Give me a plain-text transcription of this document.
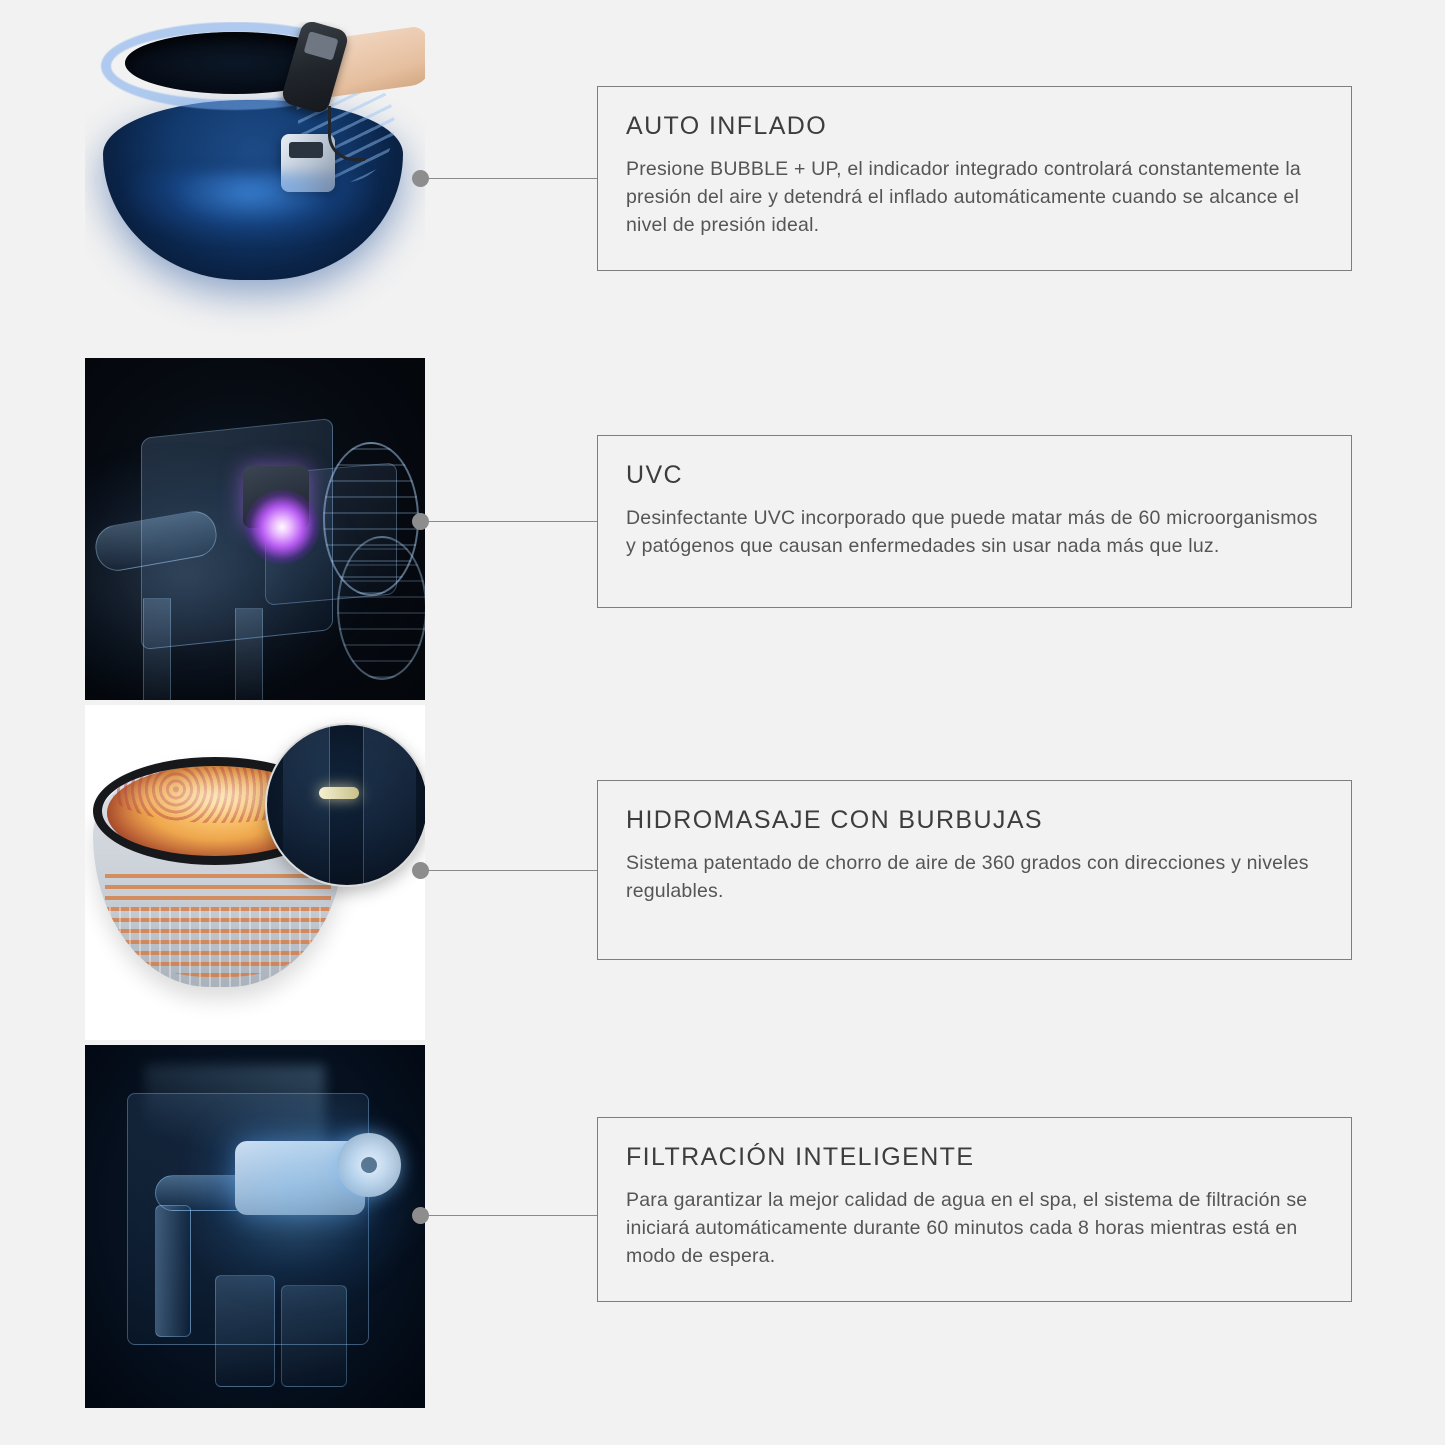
AUTO INFLADO

Presione BUBBLE + UP, el indicador integrado controlará constantemente la presión del aire y detendrá el inflado automáticamente cuando se alcance el nivel de presión ideal.

UVC

Desinfectante UVC incorporado que puede matar más de 60 microorganismos y patógenos que causan enfermedades sin usar nada más que luz.

HIDROMASAJE CON BURBUJAS

Sistema patentado de chorro de aire de 360 grados con direcciones y niveles regulables.

FILTRACIÓN INTELIGENTE

Para garantizar la mejor calidad de agua en el spa, el sistema de filtración se iniciará automáticamente durante 60 minutos cada 8 horas mientras está en modo de espera.
